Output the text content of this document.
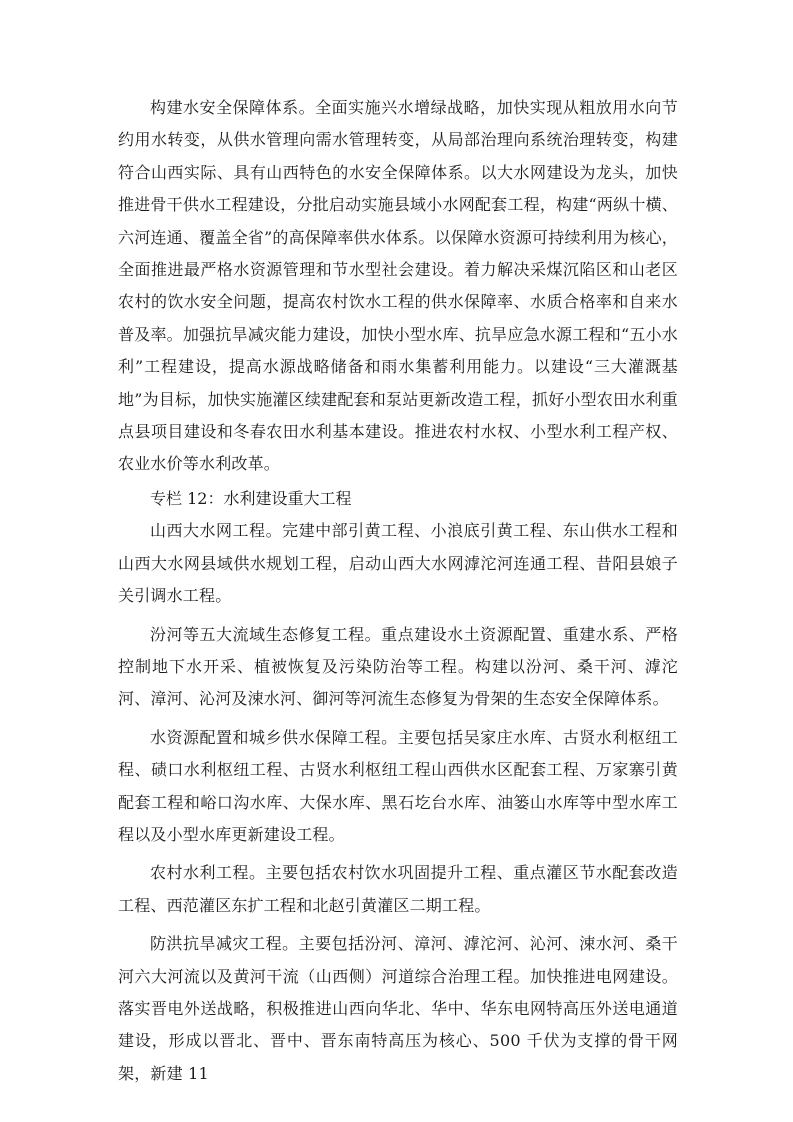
构建水安全保障体系。全面实施兴水增绿战略，加快实现从粗放用水向节约用水转变，从供水管理向需水管理转变，从局部治理向系统治理转变，构建符合山西实际、具有山西特色的水安全保障体系。以大水网建设为龙头，加快推进骨干供水工程建设，分批启动实施县域小水网配套工程，构建“两纵十横、六河连通、覆盖全省”的高保障率供水体系。以保障水资源可持续利用为核心，全面推进最严格水资源管理和节水型社会建设。着力解决采煤沉陷区和山老区农村的饮水安全问题，提高农村饮水工程的供水保障率、水质合格率和自来水普及率。加强抗旱减灾能力建设，加快小型水库、抗旱应急水源工程和“五小水利”工程建设，提高水源战略储备和雨水集蓄利用能力。以建设“三大灌溉基地”为目标，加快实施灌区续建配套和泵站更新改造工程，抓好小型农田水利重点县项目建设和冬春农田水利基本建设。推进农村水权、小型水利工程产权、农业水价等水利改革。

专栏 12：水利建设重大工程

山西大水网工程。完建中部引黄工程、小浪底引黄工程、东山供水工程和山西大水网县域供水规划工程，启动山西大水网滹沱河连通工程、昔阳县娘子关引调水工程。

汾河等五大流域生态修复工程。重点建设水土资源配置、重建水系、严格控制地下水开采、植被恢复及污染防治等工程。构建以汾河、桑干河、滹沱河、漳河、沁河及涑水河、御河等河流生态修复为骨架的生态安全保障体系。

水资源配置和城乡供水保障工程。主要包括吴家庄水库、古贤水利枢纽工程、碛口水利枢纽工程、古贤水利枢纽工程山西供水区配套工程、万家寨引黄配套工程和峪口沟水库、大保水库、黑石圪台水库、油篓山水库等中型水库工程以及小型水库更新建设工程。

农村水利工程。主要包括农村饮水巩固提升工程、重点灌区节水配套改造工程、西范灌区东扩工程和北赵引黄灌区二期工程。

防洪抗旱减灾工程。主要包括汾河、漳河、滹沱河、沁河、涑水河、桑干河六大河流以及黄河干流（山西侧）河道综合治理工程。加快推进电网建设。落实晋电外送战略，积极推进山西向华北、华中、华东电网特高压外送电通道建设，形成以晋北、晋中、晋东南特高压为核心、500 千伏为支撑的骨干网架，新建 11
